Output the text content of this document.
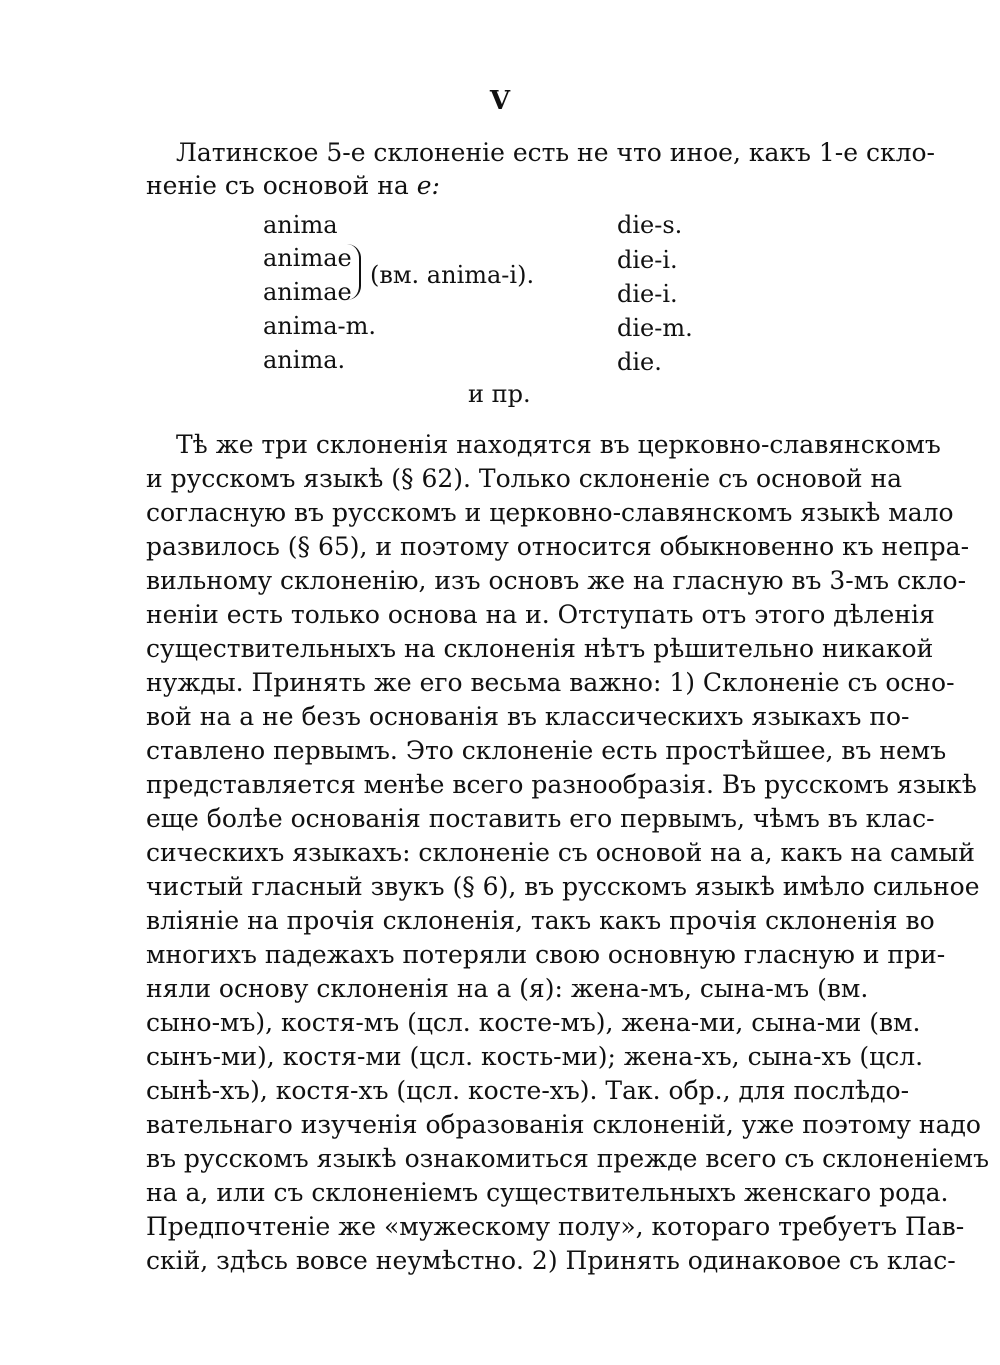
V
Латинское 5-е склоненіе есть не что иное, какъ 1-е скло-
неніе съ основой на е:
anima
animae
animae
anima-m.
anima.
(вм. anima-i).
die-s.
die-i.
die-i.
die-m.
die.
и пр.
Тѣ же три склоненія находятся въ церковно-славянскомъ
и русскомъ языкѣ (§ 62). Только склоненіе съ основой на
согласную въ русскомъ и церковно-славянскомъ языкѣ мало
развилось (§ 65), и поэтому относится обыкновенно къ непра-
вильному склоненію, изъ основъ же на гласную въ 3-мъ скло-
неніи есть только основа на и. Отступать отъ этого дѣленія
существительныхъ на склоненія нѣтъ рѣшительно никакой
нужды. Принять же его весьма важно: 1) Склоненіе съ осно-
вой на а не безъ основанія въ классическихъ языкахъ по-
ставлено первымъ. Это склоненіе есть простѣйшее, въ немъ
представляется менѣе всего разнообразія. Въ русскомъ языкѣ
еще болѣе основанія поставить его первымъ, чѣмъ въ клас-
сическихъ языкахъ: склоненіе съ основой на а, какъ на самый
чистый гласный звукъ (§ 6), въ русскомъ языкѣ имѣло сильное
вліяніе на прочія склоненія, такъ какъ прочія склоненія во
многихъ падежахъ потеряли свою основную гласную и при-
няли основу склоненія на а (я): жена-мъ, сына-мъ (вм.
сыно-мъ), костя-мъ (цсл. косте-мъ), жена-ми, сына-ми (вм.
сынъ-ми), костя-ми (цсл. кость-ми); жена-хъ, сына-хъ (цсл.
сынѣ-хъ), костя-хъ (цсл. косте-хъ). Так. обр., для послѣдо-
вательнаго изученія образованія склоненій, уже поэтому надо
въ русскомъ языкѣ ознакомиться прежде всего съ склоненіемъ
на а, или съ склоненіемъ существительныхъ женскаго рода.
Предпочтеніе же «мужескому полу», котораго требуетъ Пав-
скій, здѣсь вовсе неумѣстно. 2) Принять одинаковое съ клас-
